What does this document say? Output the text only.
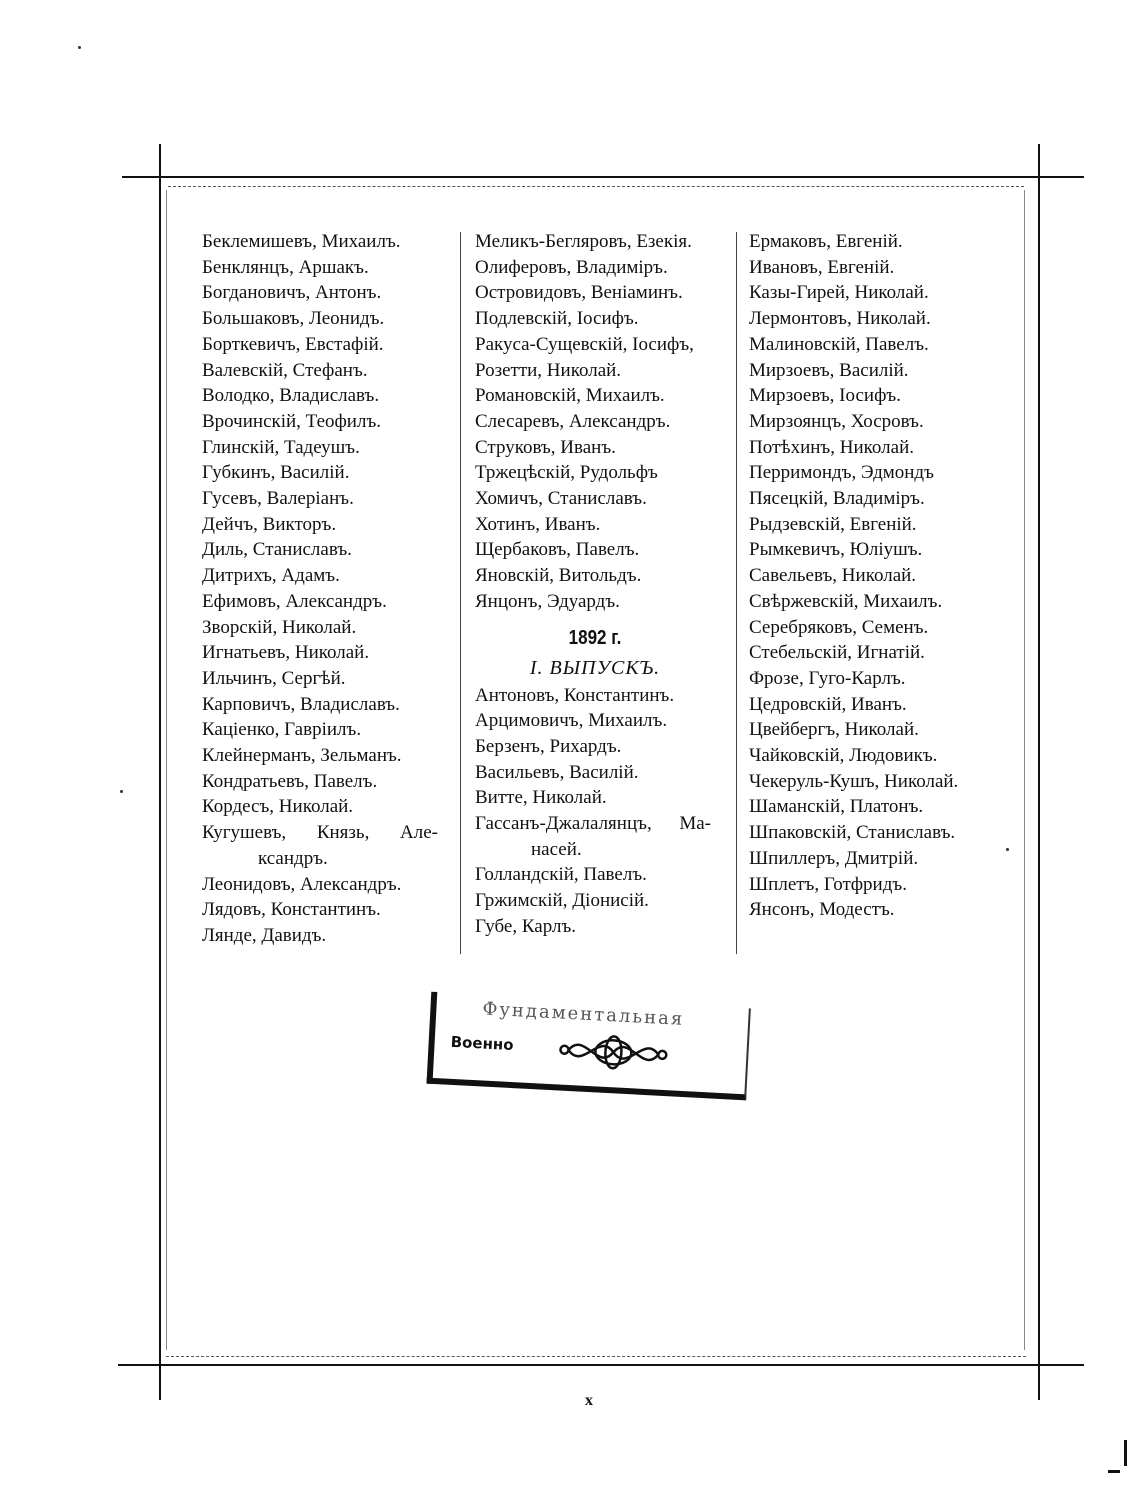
Беклемишевъ, Михаилъ.
Бенклянцъ, Аршакъ.
Богдановичъ, Антонъ.
Большаковъ, Леонидъ.
Борткевичъ, Евстафій.
Валевскій, Стефанъ.
Володко, Владиславъ.
Врочинскій, Теофилъ.
Глинскій, Тадеушъ.
Губкинъ, Василій.
Гусевъ, Валеріанъ.
Дейчъ, Викторъ.
Диль, Станиславъ.
Дитрихъ, Адамъ.
Ефимовъ, Александръ.
Зворскій, Николай.
Игнатьевъ, Николай.
Ильчинъ, Сергѣй.
Карповичъ, Владиславъ.
Каціенко, Гавріилъ.
Клейнерманъ, Зельманъ.
Кондратьевъ, Павелъ.
Кордесъ, Николай.
Кугушевъ, Князь, Але-
ксандръ.
Леонидовъ, Александръ.
Лядовъ, Константинъ.
Лянде, Давидъ.
Меликъ-Бегляровъ, Езекія.
Олиферовъ, Владиміръ.
Островидовъ, Веніаминъ.
Подлевскій, Іосифъ.
Ракуса-Сущевскій, Іосифъ,
Розетти, Николай.
Романовскій, Михаилъ.
Слесаревъ, Александръ.
Струковъ, Иванъ.
Тржецѣскій, Рудольфъ
Хомичъ, Станиславъ.
Хотинъ, Иванъ.
Щербаковъ, Павелъ.
Яновскій, Витольдъ.
Янцонъ, Эдуардъ.
1892 г.
I. ВЫПУСКЪ.
Антоновъ, Константинъ.
Арцимовичъ, Михаилъ.
Берзенъ, Рихардъ.
Васильевъ, Василій.
Витте, Николай.
Гассанъ-Джалалянцъ, Ма-
насей.
Голландскій, Павелъ.
Гржимскій, Діонисій.
Губе, Карлъ.
Ермаковъ, Евгеній.
Ивановъ, Евгеній.
Казы-Гирей, Николай.
Лермонтовъ, Николай.
Малиновскій, Павелъ.
Мирзоевъ, Василій.
Мирзоевъ, Іосифъ.
Мирзоянцъ, Хосровъ.
Потѣхинъ, Николай.
Перримондъ, Эдмондъ
Пясецкій, Владиміръ.
Рыдзевскій, Евгеній.
Рымкевичъ, Юліушъ.
Савельевъ, Николай.
Свѣржевскій, Михаилъ.
Серебряковъ, Семенъ.
Стебельскій, Игнатій.
Фрозе, Гуго-Карлъ.
Цедровскій, Иванъ.
Цвейбергъ, Николай.
Чайковскій, Людовикъ.
Чекеруль-Кушъ, Николай.
Шаманскій, Платонъ.
Шпаковскій, Станиславъ.
Шпиллеръ, Дмитрій.
Шплетъ, Готфридъ.
Янсонъ, Модестъ.
Фундаментальная
Военно
x
